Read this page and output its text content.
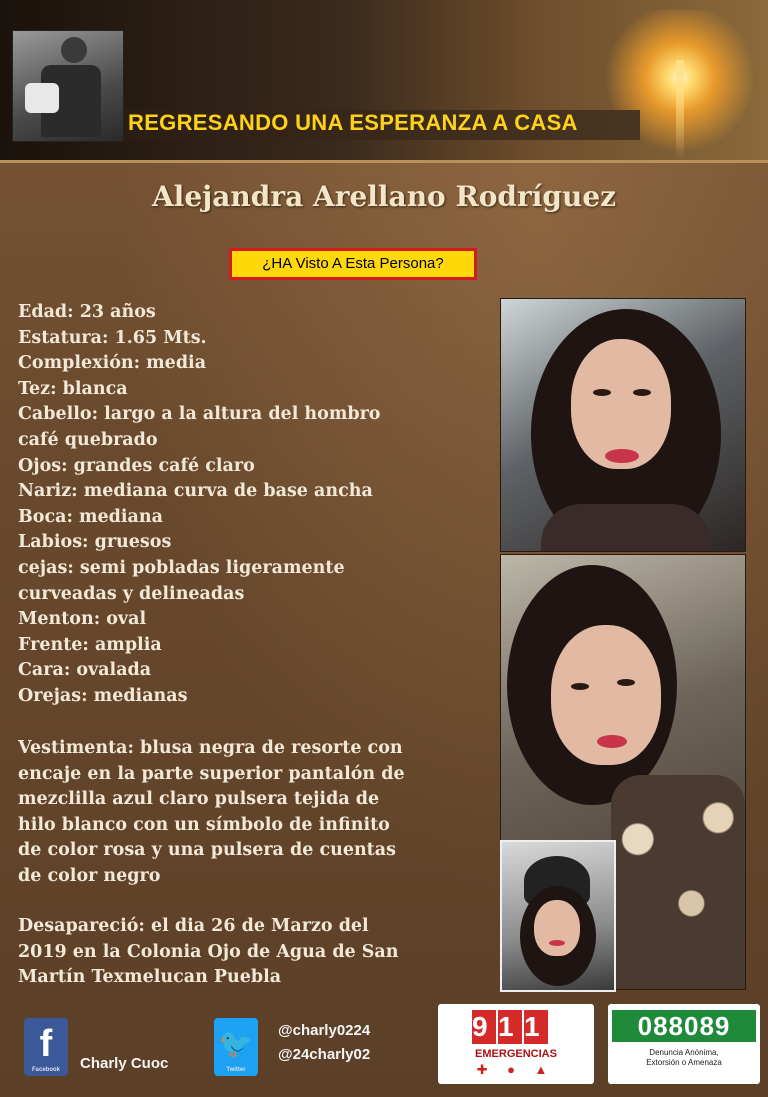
REGRESANDO UNA ESPERANZA A CASA
Alejandra Arellano Rodríguez
¿HA Visto A Esta Persona?
Edad: 23 años
Estatura: 1.65 Mts.
Complexión: media
Tez: blanca
Cabello: largo a la altura del hombro
café quebrado
Ojos: grandes café claro
Nariz: mediana curva de base ancha
Boca: mediana
Labios: gruesos
cejas: semi pobladas ligeramente
curveadas y delineadas
Menton: oval
Frente: amplia
Cara: ovalada
Orejas: medianas
Vestimenta: blusa negra de resorte con
encaje en la parte superior pantalón de
mezclilla azul claro pulsera tejida de
hilo blanco con un símbolo de infinito
de color rosa y una pulsera de cuentas
de color negro
Desapareció: el dia 26 de Marzo del
2019 en la Colonia Ojo de Agua de San
Martín Texmelucan Puebla
f
Facebook	Charly Cuoc
🐦
Twitter
@charly0224
@24charly02
911
EMERGENCIAS
✚ ● ▲
088089
Denuncia Anónima,
Extorsión o Amenaza
